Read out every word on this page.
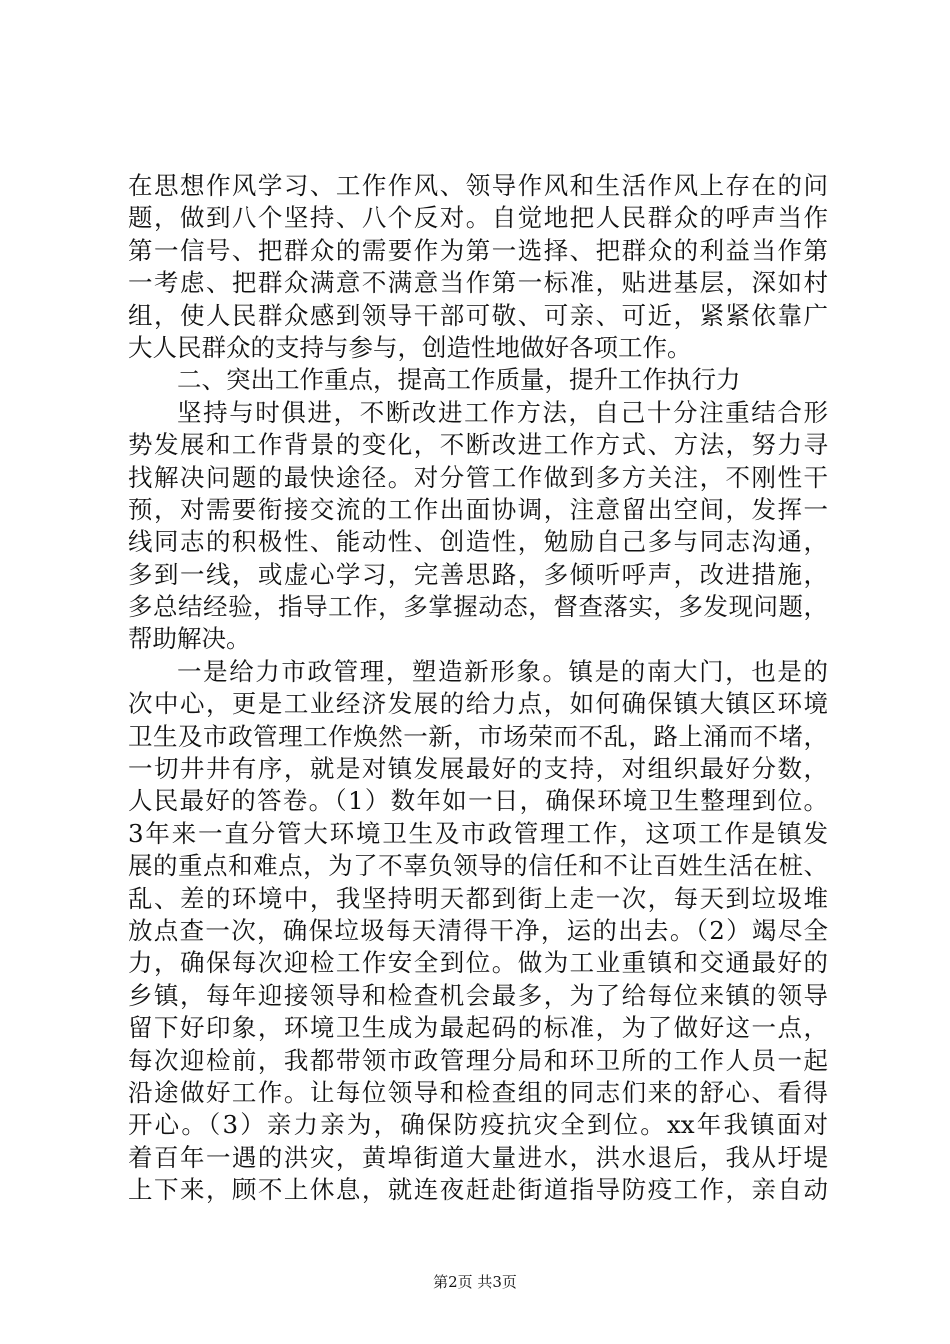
在思想作风学习、工作作风、领导作风和生活作风上存在的问
题，做到八个坚持、八个反对。自觉地把人民群众的呼声当作
第一信号、把群众的需要作为第一选择、把群众的利益当作第
一考虑、把群众满意不满意当作第一标准，贴进基层，深如村
组，使人民群众感到领导干部可敬、可亲、可近，紧紧依靠广
大人民群众的支持与参与，创造性地做好各项工作。
二、突出工作重点，提高工作质量，提升工作执行力
坚持与时俱进，不断改进工作方法，自己十分注重结合形
势发展和工作背景的变化，不断改进工作方式、方法，努力寻
找解决问题的最快途径。对分管工作做到多方关注，不刚性干
预，对需要衔接交流的工作出面协调，注意留出空间，发挥一
线同志的积极性、能动性、创造性，勉励自己多与同志沟通，
多到一线，或虚心学习，完善思路，多倾听呼声，改进措施，
多总结经验，指导工作，多掌握动态，督查落实，多发现问题，
帮助解决。
一是给力市政管理，塑造新形象。镇是的南大门，也是的
次中心，更是工业经济发展的给力点，如何确保镇大镇区环境
卫生及市政管理工作焕然一新，市场荣而不乱，路上涌而不堵，
一切井井有序，就是对镇发展最好的支持，对组织最好分数，
人民最好的答卷。（1）数年如一日，确保环境卫生整理到位。
3年来一直分管大环境卫生及市政管理工作，这项工作是镇发
展的重点和难点，为了不辜负领导的信任和不让百姓生活在桩、
乱、差的环境中，我坚持明天都到街上走一次，每天到垃圾堆
放点查一次，确保垃圾每天清得干净，运的出去。（2）竭尽全
力，确保每次迎检工作安全到位。做为工业重镇和交通最好的
乡镇，每年迎接领导和检查机会最多，为了给每位来镇的领导
留下好印象，环境卫生成为最起码的标准，为了做好这一点，
每次迎检前，我都带领市政管理分局和环卫所的工作人员一起
沿途做好工作。让每位领导和检查组的同志们来的舒心、看得
开心。（3）亲力亲为，确保防疫抗灾全到位。xx年我镇面对
着百年一遇的洪灾，黄埠街道大量进水，洪水退后，我从圩堤
上下来，顾不上休息，就连夜赶赴街道指导防疫工作，亲自动
第2页 共3页
